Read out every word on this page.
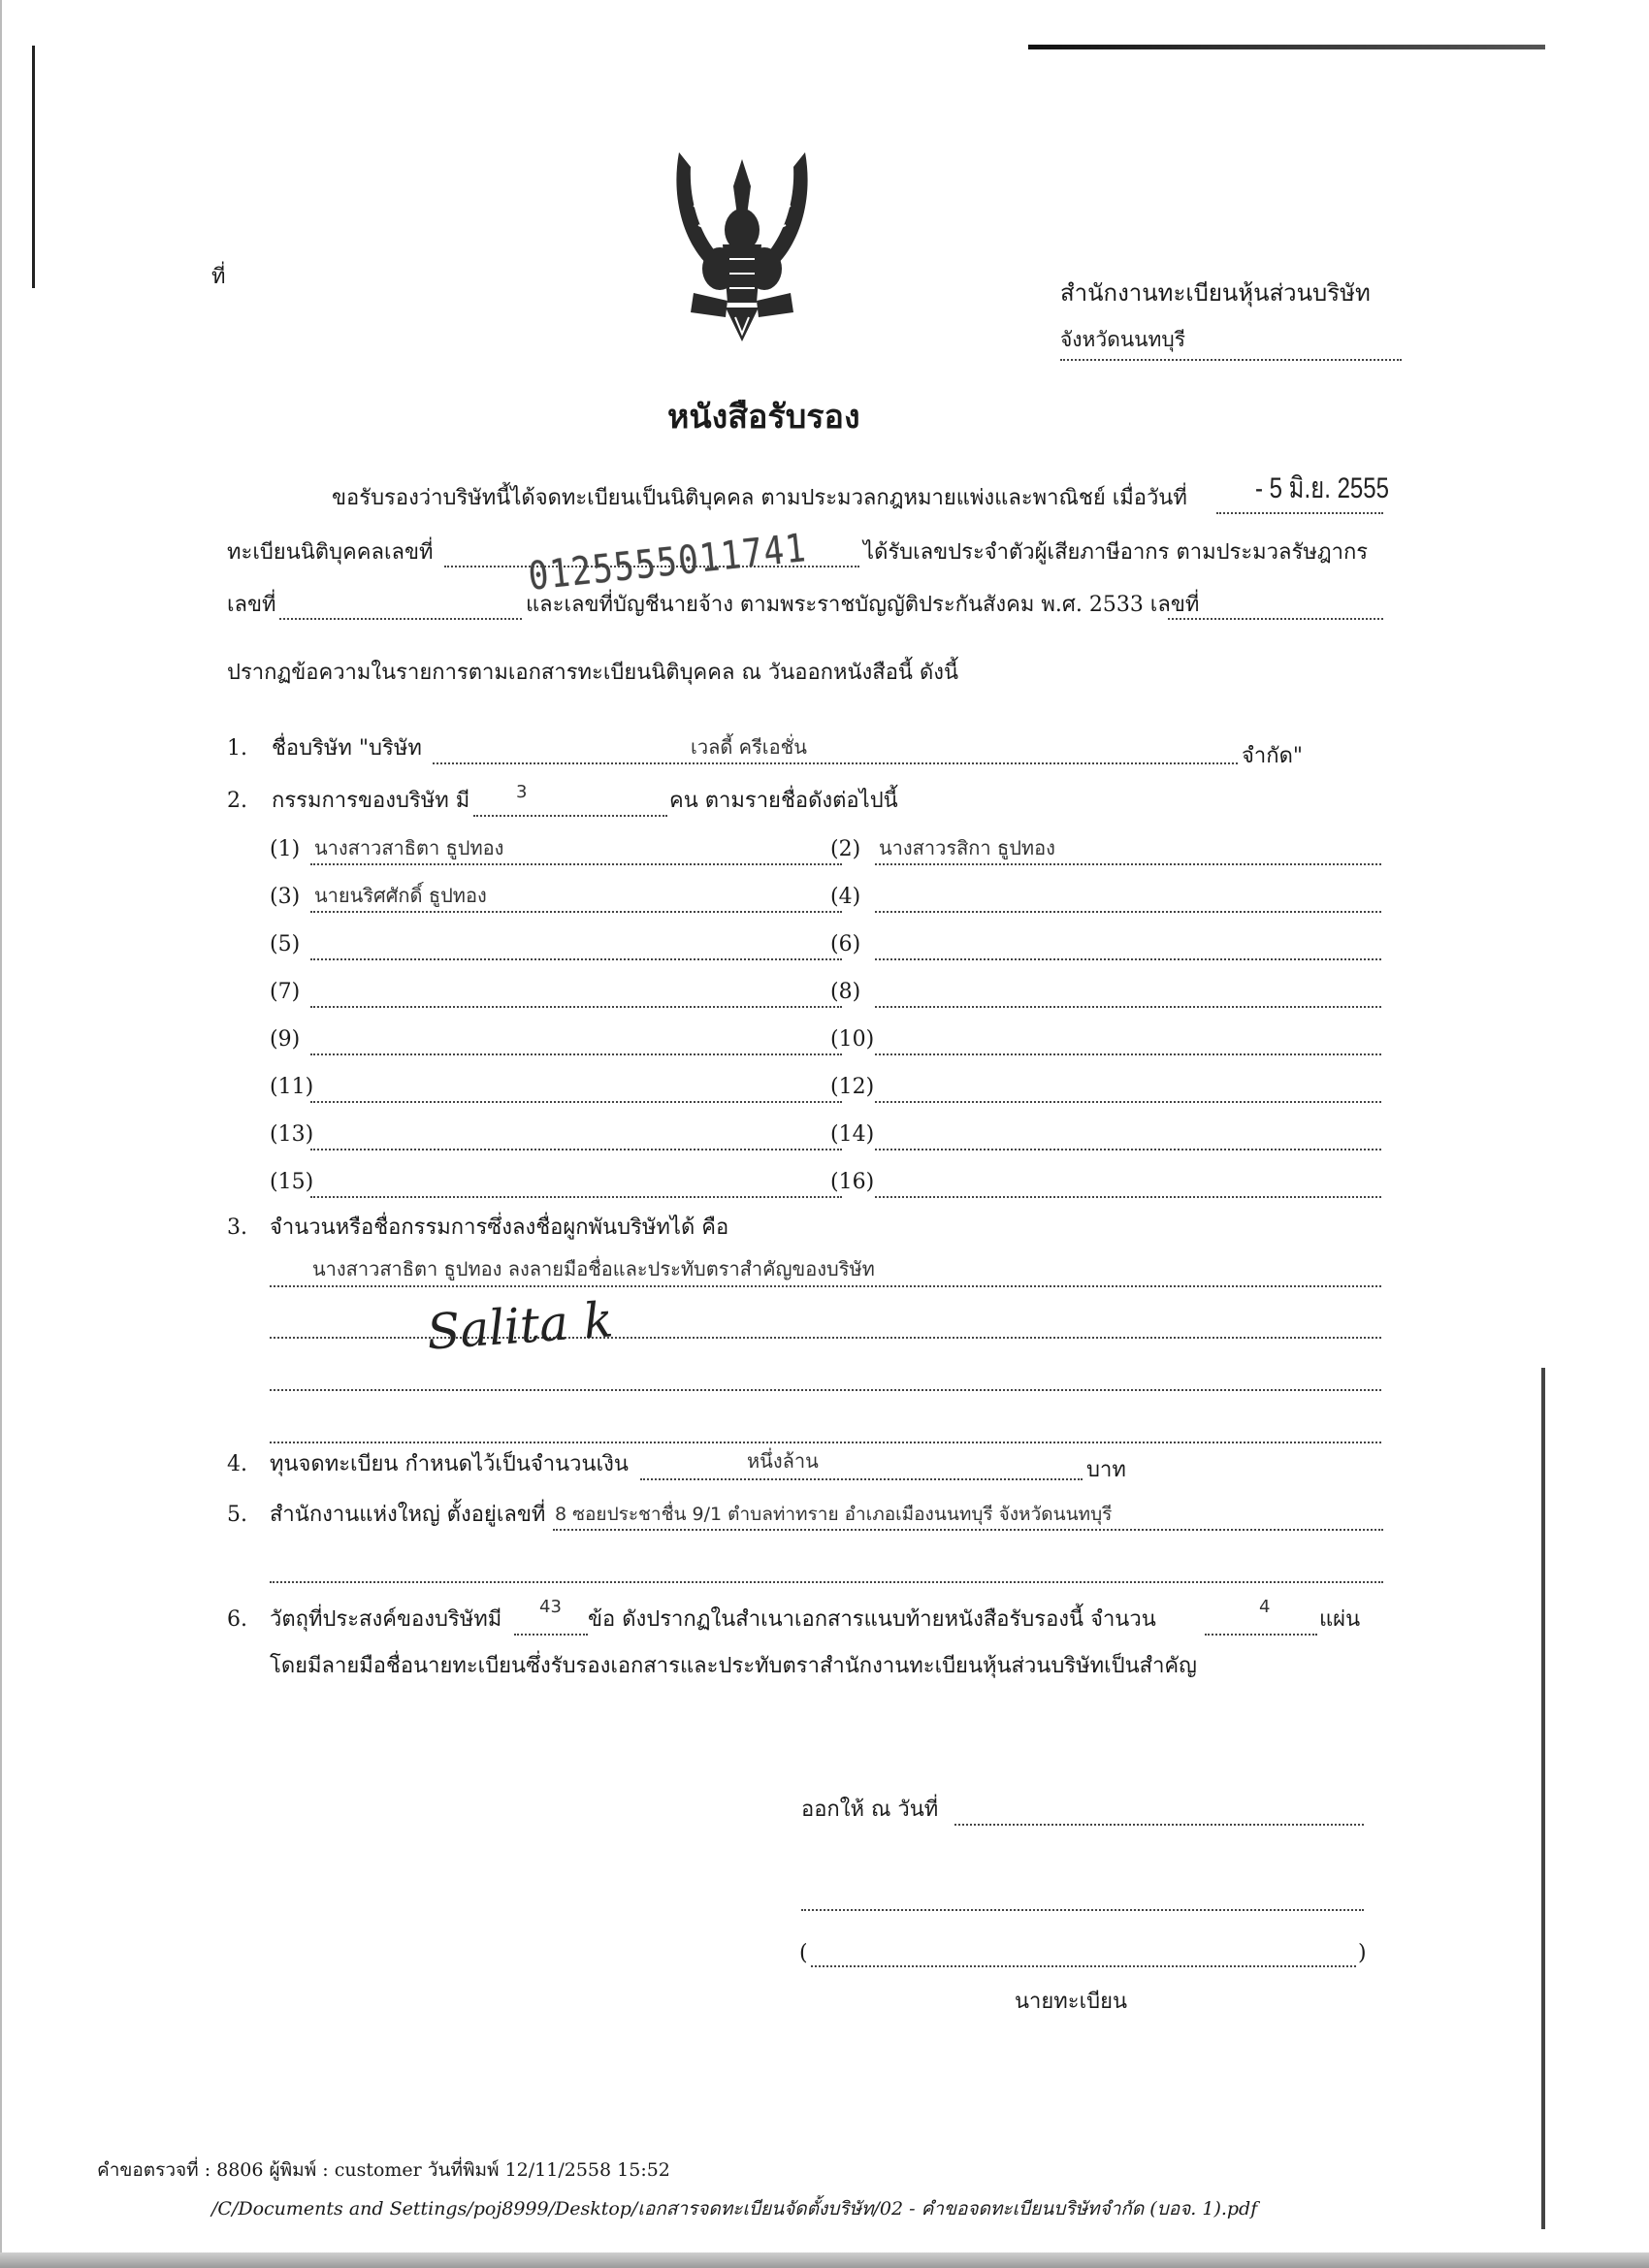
ที่
สำนักงานทะเบียนหุ้นส่วนบริษัท
จังหวัดนนทบุรี
หนังสือรับรอง
ขอรับรองว่าบริษัทนี้ได้จดทะเบียนเป็นนิติบุคคล ตามประมวลกฎหมายแพ่งและพาณิชย์ เมื่อวันที่ - 5 มิ.ย. 2555
ทะเบียนนิติบุคคลเลขที่	ได้รับเลขประจำตัวผู้เสียภาษีอากร ตามประมวลรัษฎากร
เลขที่	และเลขที่บัญชีนายจ้าง ตามพระราชบัญญัติประกันสังคม พ.ศ. 2533 เลขที่
0125555011741
ปรากฏข้อความในรายการตามเอกสารทะเบียนนิติบุคคล ณ วันออกหนังสือนี้ ดังนี้
1. ชื่อบริษัท "บริษัท	เวลดี้ ครีเอชั่น	จำกัด"
2. กรรมการของบริษัท มี	3	คน ตามรายชื่อดังต่อไปนี้
(1) นางสาวสาธิตา ธูปทอง	(2) นางสาวรสิกา ธูปทอง
(3) นายนริศศักดิ์ ธูปทอง	(4)
(5)	(6)
(7)	(8)
(9)	(10)
(11)	(12)
(13)	(14)
(15)	(16)
3. จำนวนหรือชื่อกรรมการซึ่งลงชื่อผูกพันบริษัทได้ คือ
นางสาวสาธิตา ธูปทอง ลงลายมือชื่อและประทับตราสำคัญของบริษัท
Salita k
4. ทุนจดทะเบียน กำหนดไว้เป็นจำนวนเงิน	หนึ่งล้าน	บาท
5. สำนักงานแห่งใหญ่ ตั้งอยู่เลขที่ 8 ซอยประชาชื่น 9/1 ตำบลท่าทราย อำเภอเมืองนนทบุรี จังหวัดนนทบุรี
6. วัตถุที่ประสงค์ของบริษัทมี
43
ข้อ ดังปรากฏในสำเนาเอกสารแนบท้ายหนังสือรับรองนี้ จำนวน
4
แผ่น
โดยมีลายมือชื่อนายทะเบียนซึ่งรับรองเอกสารและประทับตราสำนักงานทะเบียนหุ้นส่วนบริษัทเป็นสำคัญ
ออกให้ ณ วันที่
(	)
นายทะเบียน
คำขอตรวจที่ : 8806 ผู้พิมพ์ : customer วันที่พิมพ์ 12/11/2558 15:52
/C/Documents and Settings/poj8999/Desktop/เอกสารจดทะเบียนจัดตั้งบริษัท/02 - คำขอจดทะเบียนบริษัทจำกัด (บอจ. 1).pdf
